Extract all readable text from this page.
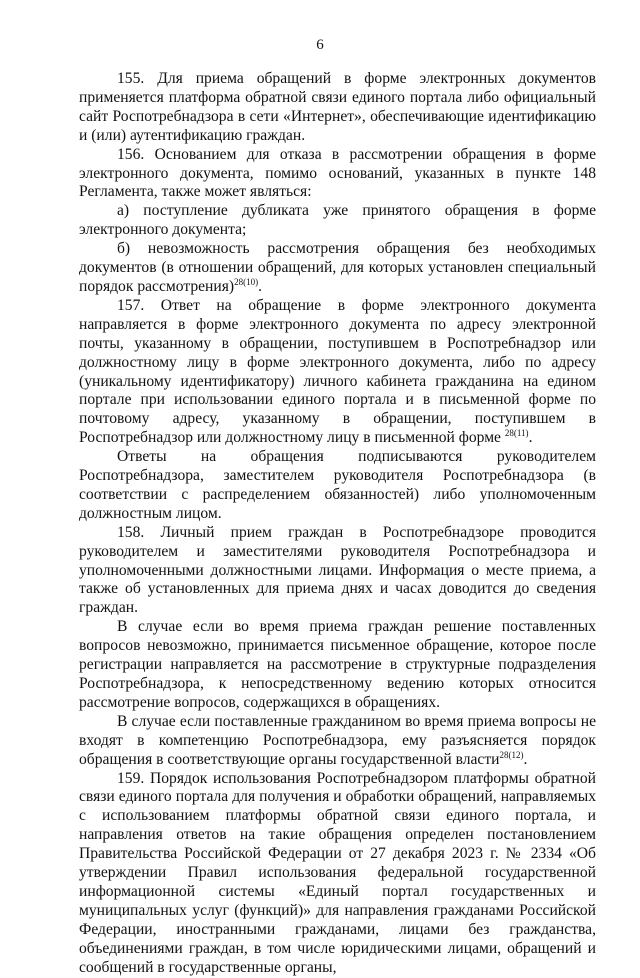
6

155. Для приема обращений в форме электронных документов применяется платформа обратной связи единого портала либо официальный сайт Роспотребнадзора в сети «Интернет», обеспечивающие идентификацию и (или) аутентификацию граждан.

156. Основанием для отказа в рассмотрении обращения в форме электронного документа, помимо оснований, указанных в пункте 148 Регламента, также может являться:

а) поступление дубликата уже принятого обращения в форме электронного документа;

б) невозможность рассмотрения обращения без необходимых документов (в отношении обращений, для которых установлен специальный порядок рассмотрения)$^{28(10)}$.

157. Ответ на обращение в форме электронного документа направляется в форме электронного документа по адресу электронной почты, указанному в обращении, поступившем в Роспотребнадзор или должностному лицу в форме электронного документа, либо по адресу (уникальному идентификатору) личного кабинета гражданина на едином портале при использовании единого портала и в письменной форме по почтовому адресу, указанному в обращении, поступившем в Роспотребнадзор или должностному лицу в письменной форме $^{28(11)}$.

Ответы на обращения подписываются руководителем Роспотребнадзора, заместителем руководителя Роспотребнадзора (в соответствии с распределением обязанностей) либо уполномоченным должностным лицом.

158. Личный прием граждан в Роспотребнадзоре проводится руководителем и заместителями руководителя Роспотребнадзора и уполномоченными должностными лицами. Информация о месте приема, а также об установленных для приема днях и часах доводится до сведения граждан.

В случае если во время приема граждан решение поставленных вопросов невозможно, принимается письменное обращение, которое после регистрации направляется на рассмотрение в структурные подразделения Роспотребнадзора, к непосредственному ведению которых относится рассмотрение вопросов, содержащихся в обращениях.

В случае если поставленные гражданином во время приема вопросы не входят в компетенцию Роспотребнадзора, ему разъясняется порядок обращения в соответствующие органы государственной власти$^{28(12)}$.

159. Порядок использования Роспотребнадзором платформы обратной связи единого портала для получения и обработки обращений, направляемых с использованием платформы обратной связи единого портала, и направления ответов на такие обращения определен постановлением Правительства Российской Федерации от 27 декабря 2023 г. № 2334 «Об утверждении Правил использования федеральной государственной информационной системы «Единый портал государственных и муниципальных услуг (функций)» для направления гражданами Российской Федерации, иностранными гражданами, лицами без гражданства, объединениями граждан, в том числе юридическими лицами, обращений и сообщений в государственные органы,
